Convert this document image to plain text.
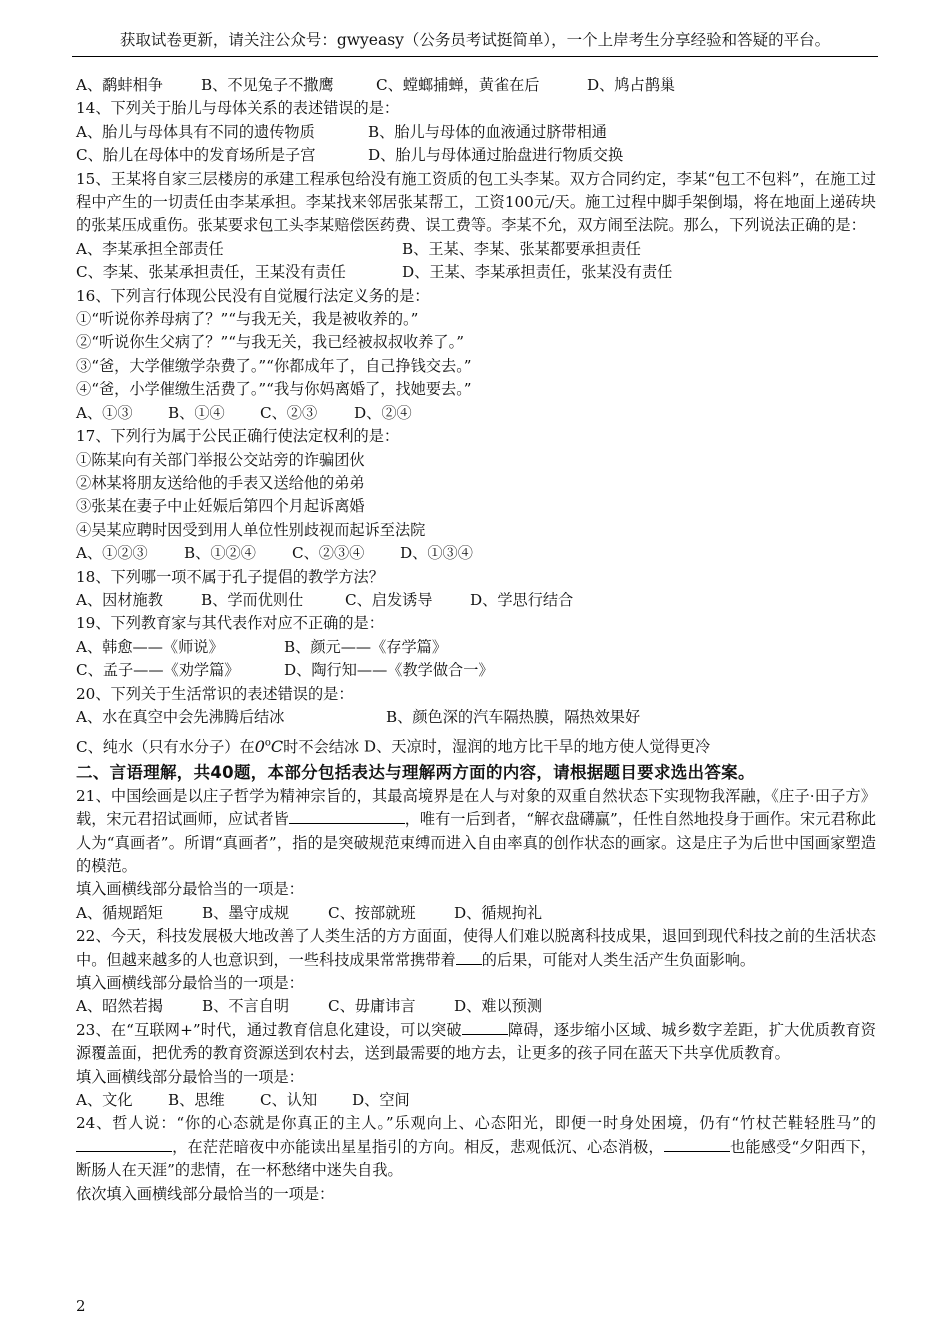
获取试卷更新，请关注公众号：gwyeasy（公务员考试挺简单），一个上岸考生分享经验和答疑的平台。
A、鹬蚌相争	B、不见兔子不撒鹰	C、螳螂捕蝉，黄雀在后	D、鸠占鹊巢
14、下列关于胎儿与母体关系的表述错误的是：
A、胎儿与母体具有不同的遗传物质	B、胎儿与母体的血液通过脐带相通
C、胎儿在母体中的发育场所是子宫	D、胎儿与母体通过胎盘进行物质交换

15、王某将自家三层楼房的承建工程承包给没有施工资质的包工头李某。双方合同约定，李某“包工不包料”，在施工过程中产生的一切责任由李某承担。李某找来邻居张某帮工，工资100元/天。施工过程中脚手架倒塌，将在地面上递砖块的张某压成重伤。张某要求包工头李某赔偿医药费、误工费等。李某不允，双方闹至法院。那么，下列说法正确的是：

A、李某承担全部责任	B、王某、李某、张某都要承担责任
C、李某、张某承担责任，王某没有责任	D、王某、李某承担责任，张某没有责任
16、下列言行体现公民没有自觉履行法定义务的是：
①“听说你养母病了？”“与我无关，我是被收养的。”
②“听说你生父病了？”“与我无关，我已经被叔叔收养了。”
③“爸，大学催缴学杂费了。”“你都成年了，自己挣钱交去。”
④“爸，小学催缴生活费了。”“我与你妈离婚了，找她要去。”
A、①③ B、①④ C、②③ D、②④
17、下列行为属于公民正确行使法定权利的是：
①陈某向有关部门举报公交站旁的诈骗团伙
②林某将朋友送给他的手表又送给他的弟弟
③张某在妻子中止妊娠后第四个月起诉离婚
④吴某应聘时因受到用人单位性别歧视而起诉至法院
A、①②③ B、①②④ C、②③④ D、①③④
18、下列哪一项不属于孔子提倡的教学方法？
A、因材施教	B、学而优则仕	C、启发诱导 D、学思行结合
19、下列教育家与其代表作对应不正确的是：
A、韩愈——《师说》	B、颜元——《存学篇》
C、孟子——《劝学篇》	D、陶行知——《教学做合一》
20、下列关于生活常识的表述错误的是：
A、水在真空中会先沸腾后结冰	B、颜色深的汽车隔热膜，隔热效果好
C、纯水（只有水分子）在0$^o$C时不会结冰 D、天凉时，湿润的地方比干旱的地方使人觉得更冷
二、言语理解，共40题，本部分包括表达与理解两方面的内容，请根据题目要求选出答案。

21、中国绘画是以庄子哲学为精神宗旨的，其最高境界是在人与对象的双重自然状态下实现物我浑融，《庄子·田子方》载，宋元君招试画师，应试者皆	，唯有一后到者，“解衣盘礴赢”，任性自然地投身于画作。宋元君称此人为“真画者”。所谓“真画者”，指的是突破规范束缚而进入自由率真的创作状态的画家。这是庄子为后世中国画家塑造的模范。

填入画横线部分最恰当的一项是：
A、循规蹈矩	B、墨守成规	C、按部就班	D、循规拘礼

22、今天，科技发展极大地改善了人类生活的方方面面，使得人们难以脱离科技成果，退回到现代科技之前的生活状态中。但越来越多的人也意识到，一些科技成果常常携带着 的后果，可能对人类生活产生负面影响。

填入画横线部分最恰当的一项是：
A、昭然若揭	B、不言自明	C、毋庸讳言	D、难以预测

23、在“互联网+”时代，通过教育信息化建设，可以突破	障碍，逐步缩小区域、城乡数字差距，扩大优质教育资源覆盖面，把优秀的教育资源送到农村去，送到最需要的地方去，让更多的孩子同在蓝天下共享优质教育。

填入画横线部分最恰当的一项是：
A、文化 B、思维 C、认知 D、空间

24、哲人说：“你的心态就是你真正的主人。”乐观向上、心态阳光，即便一时身处困境，仍有“竹杖芒鞋轻胜马”的，在茫茫暗夜中亦能读出星星指引的方向。相反，悲观低沉、心态消极，	也能感受“夕阳西下，断肠人在天涯”的悲情，在一杯愁绪中迷失自我。

依次填入画横线部分最恰当的一项是：
2
